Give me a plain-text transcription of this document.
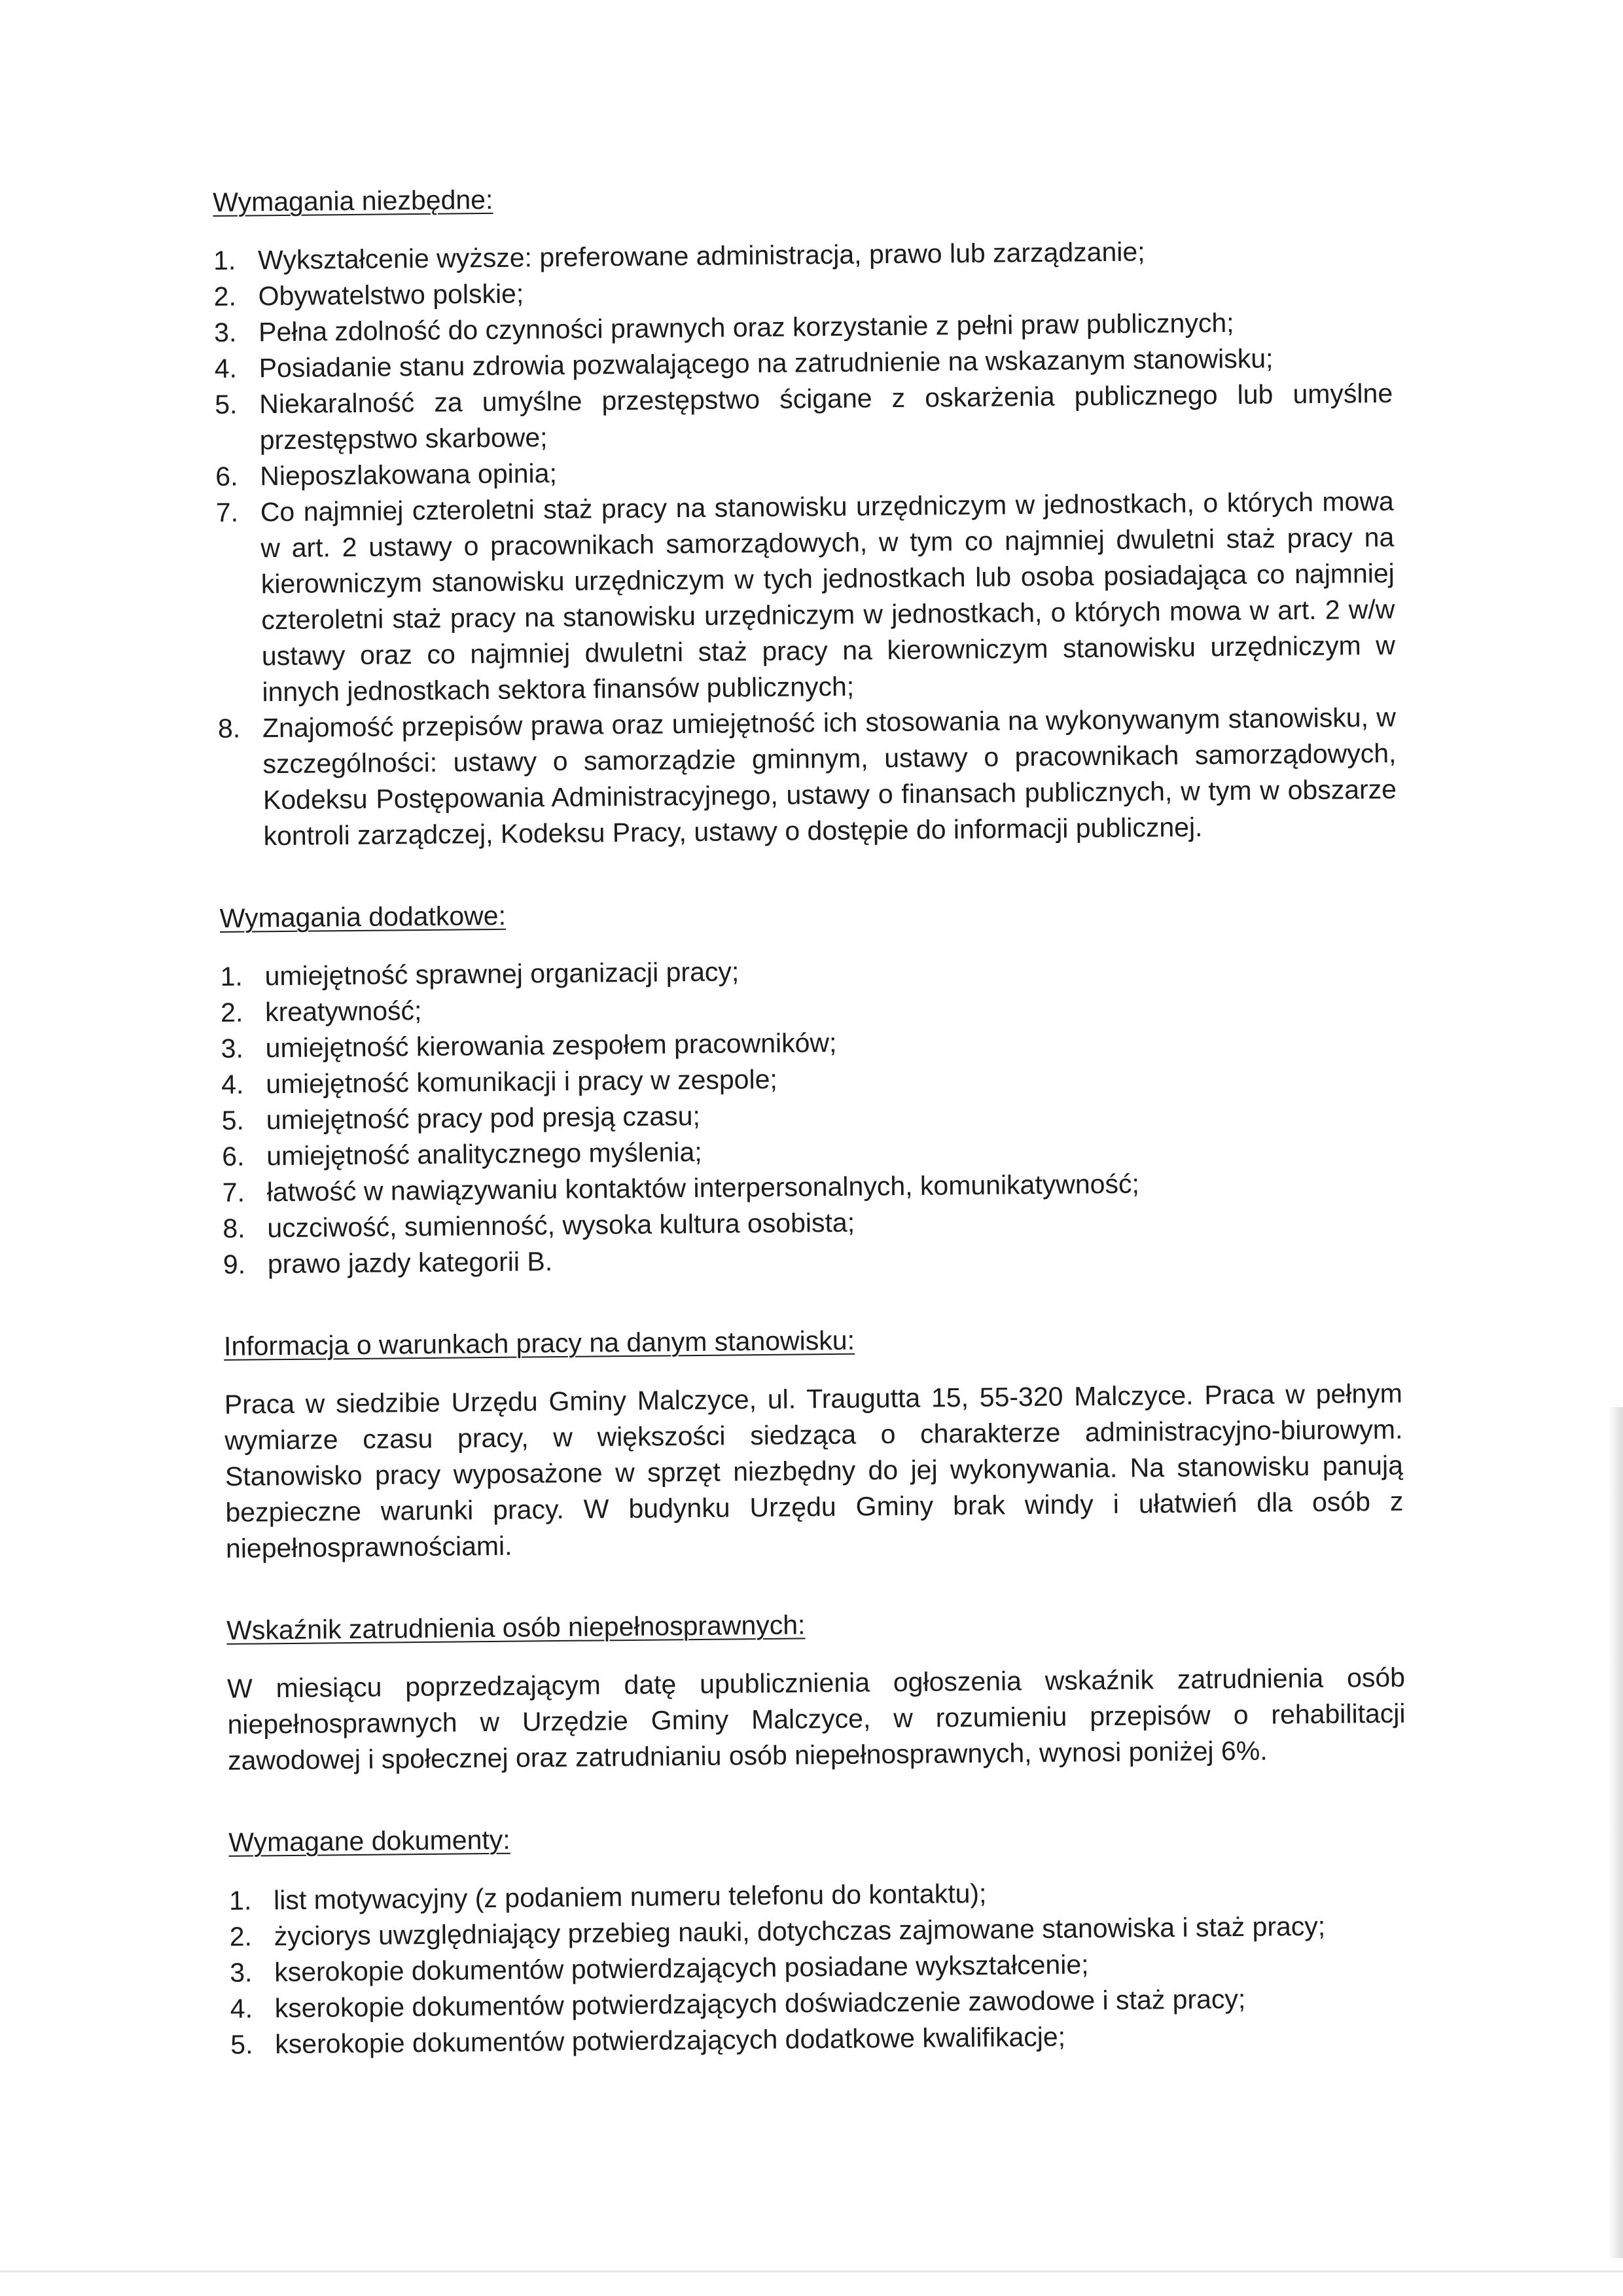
Wymagania niezbędne:
1. Wykształcenie wyższe: preferowane administracja, prawo lub zarządzanie;
2. Obywatelstwo polskie;
3. Pełna zdolność do czynności prawnych oraz korzystanie z pełni praw publicznych;
4. Posiadanie stanu zdrowia pozwalającego na zatrudnienie na wskazanym stanowisku;
5. Niekaralność za umyślne przestępstwo ścigane z oskarżenia publicznego lub umyślne przestępstwo skarbowe;
6. Nieposzlakowana opinia;
7. Co najmniej czteroletni staż pracy na stanowisku urzędniczym w jednostkach, o których mowa w art. 2 ustawy o pracownikach samorządowych, w tym co najmniej dwuletni staż pracy na kierowniczym stanowisku urzędniczym w tych jednostkach lub osoba posiadająca co najmniej czteroletni staż pracy na stanowisku urzędniczym w jednostkach, o których mowa w art. 2 w/w ustawy oraz co najmniej dwuletni staż pracy na kierowniczym stanowisku urzędniczym w innych jednostkach sektora finansów publicznych;
8. Znajomość przepisów prawa oraz umiejętność ich stosowania na wykonywanym stanowisku, w szczególności: ustawy o samorządzie gminnym, ustawy o pracownikach samorządowych, Kodeksu Postępowania Administracyjnego, ustawy o finansach publicznych, w tym w obszarze kontroli zarządczej, Kodeksu Pracy, ustawy o dostępie do informacji publicznej.
Wymagania dodatkowe:
1. umiejętność sprawnej organizacji pracy;
2. kreatywność;
3. umiejętność kierowania zespołem pracowników;
4. umiejętność komunikacji i pracy w zespole;
5. umiejętność pracy pod presją czasu;
6. umiejętność analitycznego myślenia;
7. łatwość w nawiązywaniu kontaktów interpersonalnych, komunikatywność;
8. uczciwość, sumienność, wysoka kultura osobista;
9. prawo jazdy kategorii B.
Informacja o warunkach pracy na danym stanowisku:

Praca w siedzibie Urzędu Gminy Malczyce, ul. Traugutta 15, 55-320 Malczyce. Praca w pełnym wymiarze czasu pracy, w większości siedząca o charakterze administracyjno-biurowym. Stanowisko pracy wyposażone w sprzęt niezbędny do jej wykonywania. Na stanowisku panują bezpieczne warunki pracy. W budynku Urzędu Gminy brak windy i ułatwień dla osób z niepełnosprawnościami.

Wskaźnik zatrudnienia osób niepełnosprawnych:

W miesiącu poprzedzającym datę upublicznienia ogłoszenia wskaźnik zatrudnienia osób niepełnosprawnych w Urzędzie Gminy Malczyce, w rozumieniu przepisów o rehabilitacji zawodowej i społecznej oraz zatrudnianiu osób niepełnosprawnych, wynosi poniżej 6%.

Wymagane dokumenty:
1. list motywacyjny (z podaniem numeru telefonu do kontaktu);
2. życiorys uwzględniający przebieg nauki, dotychczas zajmowane stanowiska i staż pracy;
3. kserokopie dokumentów potwierdzających posiadane wykształcenie;
4. kserokopie dokumentów potwierdzających doświadczenie zawodowe i staż pracy;
5. kserokopie dokumentów potwierdzających dodatkowe kwalifikacje;
